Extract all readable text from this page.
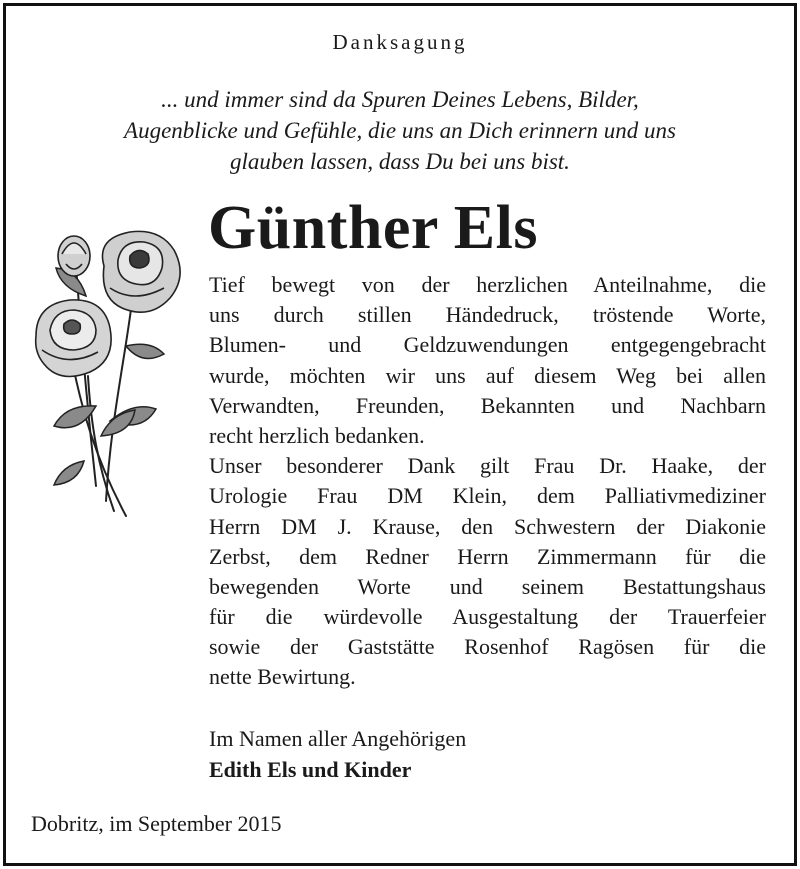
Danksagung
... und immer sind da Spuren Deines Lebens, Bilder,
Augenblicke und Gefühle, die uns an Dich erinnern und uns
glauben lassen, dass Du bei uns bist.
Günther Els
Tief bewegt von der herzlichen Anteilnahme, die
uns durch stillen Händedruck, tröstende Worte,
Blumen- und Geldzuwendungen entgegengebracht
wurde, möchten wir uns auf diesem Weg bei allen
Verwandten, Freunden, Bekannten und Nachbarn
recht herzlich bedanken.
Unser besonderer Dank gilt Frau Dr. Haake, der
Urologie Frau DM Klein, dem Palliativmediziner
Herrn DM J. Krause, den Schwestern der Diakonie
Zerbst, dem Redner Herrn Zimmermann für die
bewegenden Worte und seinem Bestattungshaus
für die würdevolle Ausgestaltung der Trauerfeier
sowie der Gaststätte Rosenhof Ragösen für die
nette Bewirtung.
Im Namen aller Angehörigen
Edith Els und Kinder
Dobritz, im September 2015
